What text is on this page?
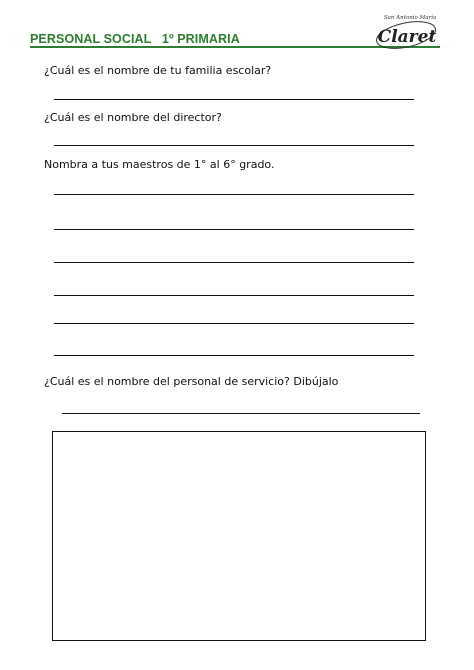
PERSONAL SOCIAL 1º PRIMARIA
San Antonio María
Claret
¿Cuál es el nombre de tu familia escolar?
¿Cuál es el nombre del director?
Nombra a tus maestros de 1° al 6° grado.
¿Cuál es el nombre del personal de servicio? Dibújalo
